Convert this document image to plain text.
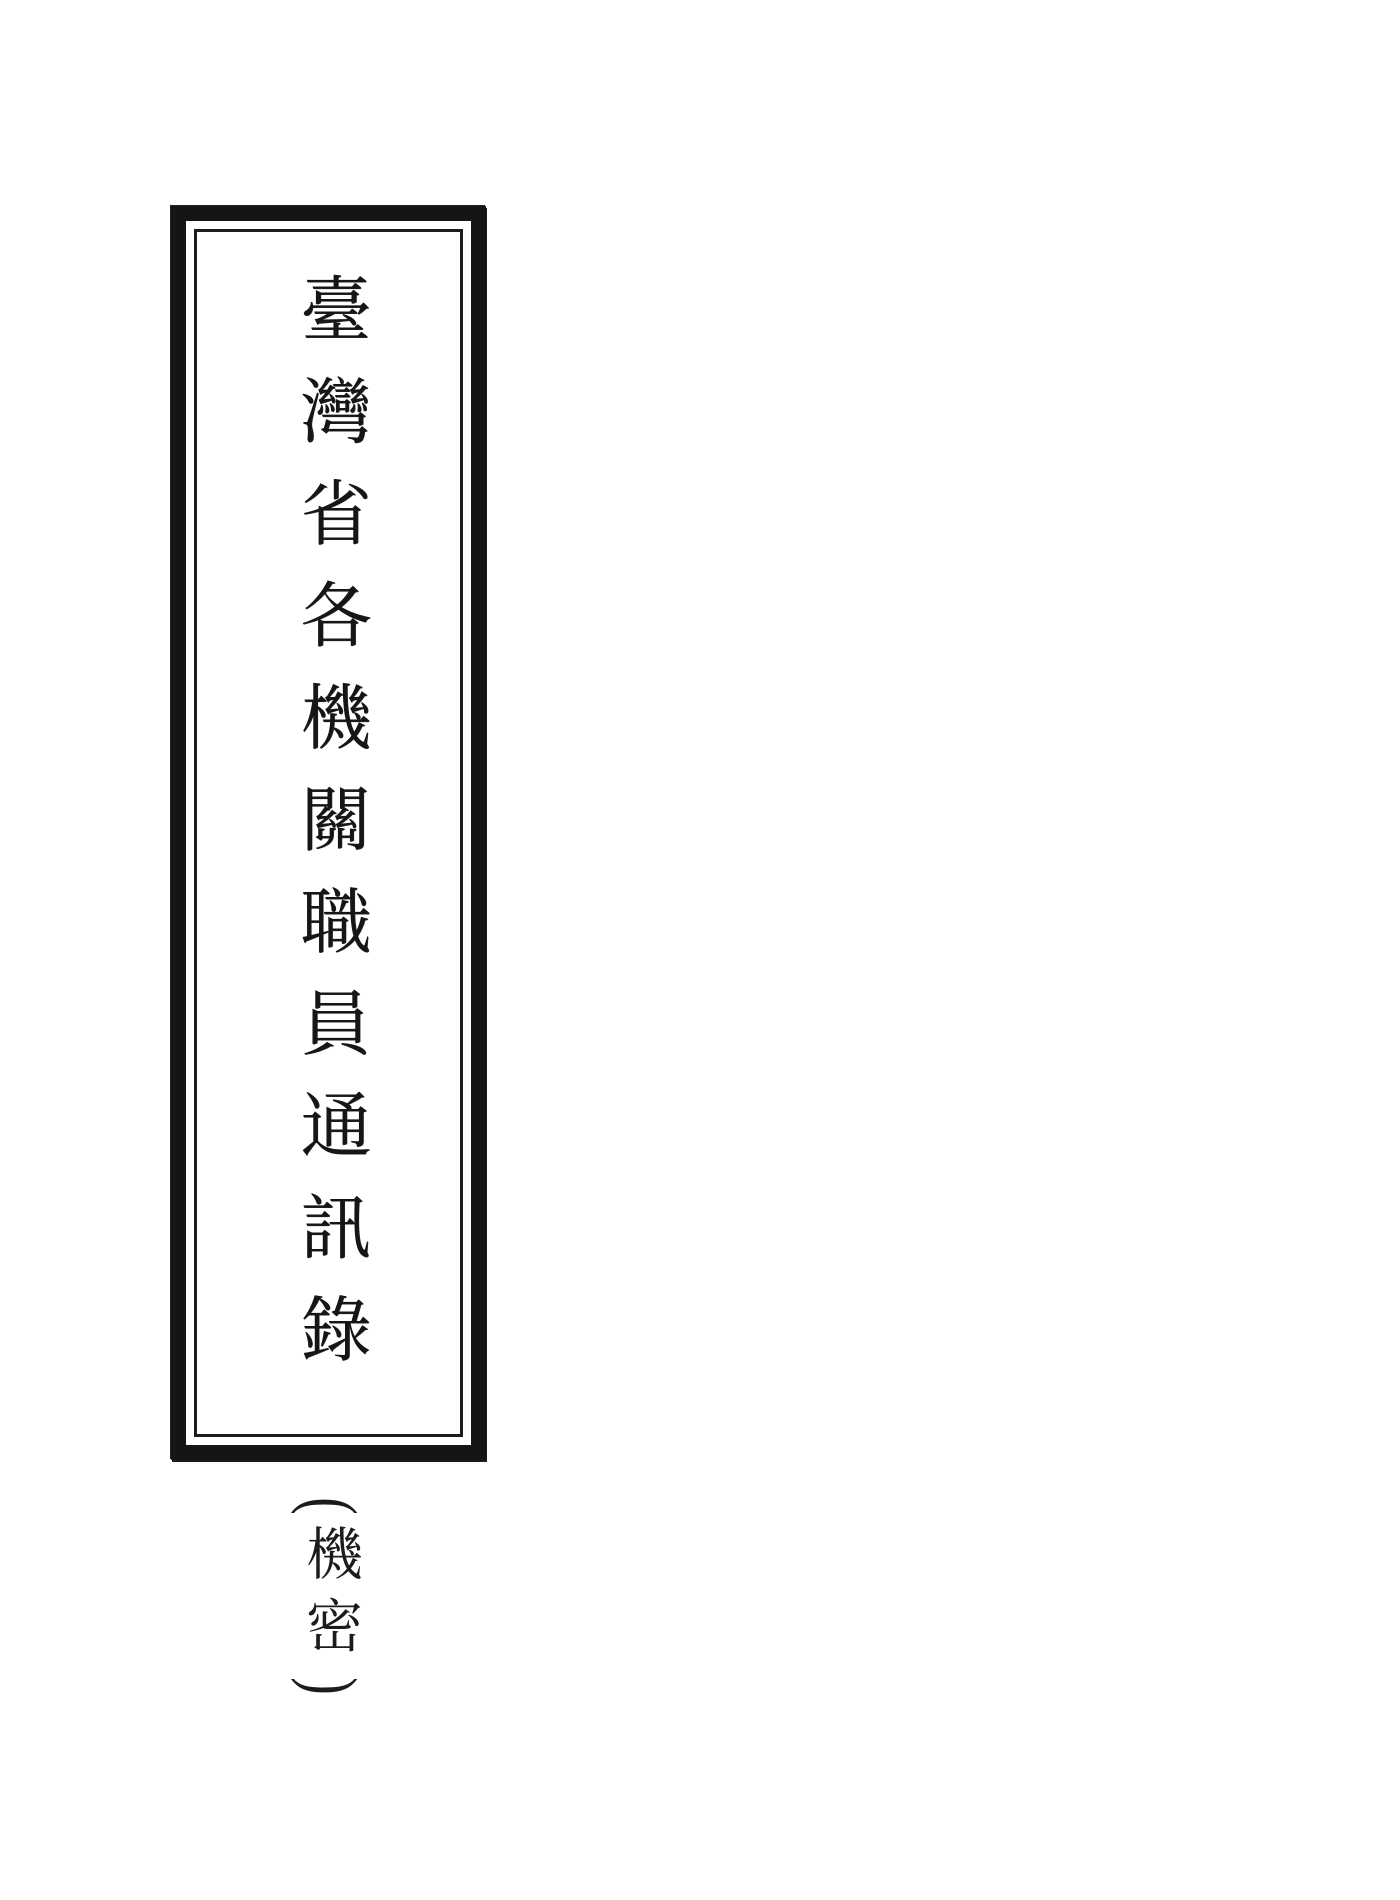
臺灣省各機關職員通訊錄
(
機密
)
